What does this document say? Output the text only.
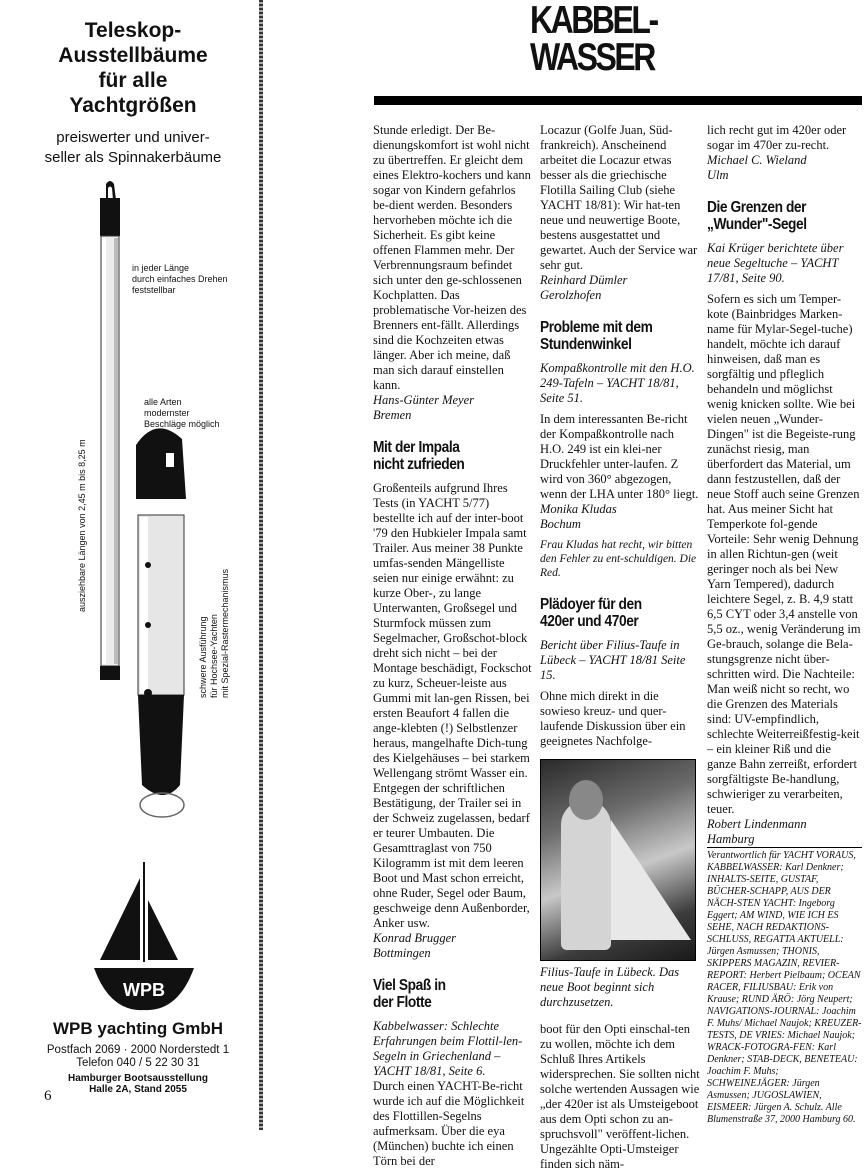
Teleskop-
Ausstellbäume
für alle
Yachtgrößen
preiswerter und univer-
seller als Spinnakerbäume
in jeder Länge
durch einfaches Drehen
feststellbar
alle Arten
modernster
Beschläge möglich
ausziehbare Längen von 2,45 m bis 8,25 m
schwere Ausführung
für Hochsee-Yachten
mit Spezial-Rastermechanismus
WPB
WPB yachting GmbH
Postfach 2069 · 2000 Norderstedt 1
Telefon 040 / 5 22 30 31
Hamburger Bootsausstellung
Halle 2A, Stand 2055
6
KABBEL-
WASSER

Stunde erledigt. Der Be-dienungskomfort ist wohl nicht zu übertreffen. Er gleicht dem eines Elektro-kochers und kann sogar von Kindern gefahrlos be-dient werden. Besonders hervorheben möchte ich die Sicherheit. Es gibt keine offenen Flammen mehr. Der Verbrennungsraum befindet sich unter den ge-schlossenen Kochplatten. Das problematische Vor-heizen des Brenners ent-fällt. Allerdings sind die Kochzeiten etwas länger. Aber ich meine, daß man sich darauf einstellen kann.

Hans-Günter Meyer
Bremen

Mit der Impala
nicht zufrieden

Großenteils aufgrund Ihres Tests (in YACHT 5/77) bestellte ich auf der inter-boot '79 den Hubkieler Impala samt Trailer. Aus meiner 38 Punkte umfas-senden Mängelliste seien nur einige erwähnt: zu kurze Ober-, zu lange Unterwanten, Großsegel und Sturmfock müssen zum Segelmacher, Großschot-block dreht sich nicht – bei der Montage beschädigt, Fockschot zu kurz, Scheuer-leiste aus Gummi mit lan-gen Rissen, bei ersten Beaufort 4 fallen die ange-klebten (!) Selbstlenzer heraus, mangelhafte Dich-tung des Kielgehäuses – bei starkem Wellengang strömt Wasser ein. Entgegen der schriftlichen Bestätigung, der Trailer sei in der Schweiz zugelassen, bedarf er teurer Umbauten. Die Gesamttraglast von 750 Kilogramm ist mit dem leeren Boot und Mast schon erreicht, ohne Ruder, Segel oder Baum, geschweige denn Außenborder, Anker usw.

Konrad Brugger
Bottmingen

Viel Spaß in
der Flotte

Kabbelwasser: Schlechte Erfahrungen beim Flottil-len-Segeln in Griechenland – YACHT 18/81, Seite 6.

Durch einen YACHT-Be-richt wurde ich auf die Möglichkeit des Flottillen-Segelns aufmerksam. Über die eya (München) buchte ich einen Törn bei der

Locazur (Golfe Juan, Süd-frankreich). Anscheinend arbeitet die Locazur etwas besser als die griechische Flotilla Sailing Club (siehe YACHT 18/81): Wir hat-ten neue und neuwertige Boote, bestens ausgestattet und gewartet. Auch der Service war sehr gut.

Reinhard Dümler
Gerolzhofen

Probleme mit dem
Stundenwinkel

Kompaßkontrolle mit den H.O. 249-Tafeln – YACHT 18/81, Seite 51.

In dem interessanten Be-richt der Kompaßkontrolle nach H.O. 249 ist ein klei-ner Druckfehler unter-laufen. Z wird von 360° abgezogen, wenn der LHA unter 180° liegt.

Monika Kludas
Bochum

Frau Kludas hat recht, wir bitten den Fehler zu ent-schuldigen. Die Red.

Plädoyer für den
420er und 470er

Bericht über Filius-Taufe in Lübeck – YACHT 18/81 Seite 15.

Ohne mich direkt in die sowieso kreuz- und quer-laufende Diskussion über ein geeignetes Nachfolge-

Filius-Taufe in Lübeck. Das neue Boot beginnt sich durchzusetzen.

boot für den Opti einschal-ten zu wollen, möchte ich dem Schluß Ihres Artikels widersprechen. Sie sollten nicht solche wertenden Aussagen wie „der 420er ist als Umsteigeboot aus dem Opti schon zu an-spruchsvoll" veröffent-lichen. Ungezählte Opti-Umsteiger finden sich näm-

lich recht gut im 420er oder sogar im 470er zu-recht.

Michael C. Wieland
Ulm

Die Grenzen der
„Wunder"-Segel

Kai Krüger berichtete über neue Segeltuche – YACHT 17/81, Seite 90.

Sofern es sich um Temper-kote (Bainbridges Marken-name für Mylar-Segel-tuche) handelt, möchte ich darauf hinweisen, daß man es sorgfältig und pfleglich behandeln und möglichst wenig knicken sollte. Wie bei vielen neuen „Wunder-Dingen" ist die Begeiste-rung zunächst riesig, man überfordert das Material, um dann festzustellen, daß der neue Stoff auch seine Grenzen hat. Aus meiner Sicht hat Temperkote fol-gende Vorteile: Sehr wenig Dehnung in allen Richtun-gen (weit geringer noch als bei New Yarn Tempered), dadurch leichtere Segel, z. B. 4,9 statt 6,5 CYT oder 3,4 anstelle von 5,5 oz., wenig Veränderung im Ge-brauch, solange die Bela-stungsgrenze nicht über-schritten wird. Die Nachteile: Man weiß nicht so recht, wo die Grenzen des Materials sind: UV-empfindlich, schlechte Weiterreißfestig-keit – ein kleiner Riß und die ganze Bahn zerreißt, erfordert sorgfältigste Be-handlung, schwieriger zu verarbeiten, teuer.

Robert Lindenmann
Hamburg

Verantwortlich für YACHT VORAUS, KABBELWASSER: Karl Denkner; INHALTS-SEITE, GUSTAF, BÜCHER-SCHAPP, AUS DER NÄCH-STEN YACHT: Ingeborg Eggert; AM WIND, WIE ICH ES SEHE, NACH REDAKTIONS-SCHLUSS, REGATTA AKTUELL: Jürgen Asmussen; THONIS, SKIPPERS MAGAZIN, REVIER-REPORT: Herbert Pielbaum; OCEAN RACER, FILIUSBAU: Erik von Krause; RUND ÄRÖ: Jörg Neupert; NAVIGATIONS-JOURNAL: Joachim F. Muhs/ Michael Naujok; KREUZER-TESTS, DE VRIES: Michael Naujok; WRACK-FOTOGRA-FEN: Karl Denkner; STAB-DECK, BENETEAU: Joachim F. Muhs; SCHWEINEJÄGER: Jürgen Asmussen; JUGOSLAWIEN, EISMEER: Jürgen A. Schulz. Alle Blumenstraße 37, 2000 Hamburg 60.
